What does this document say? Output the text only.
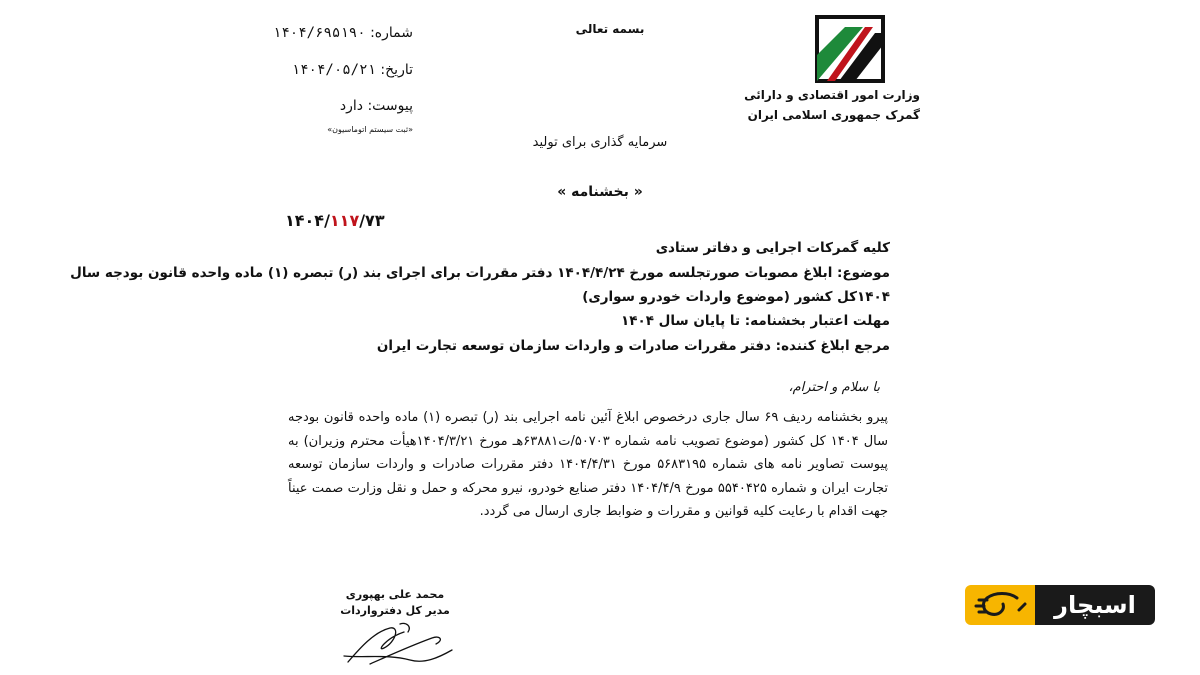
شماره: ۱۴۰۴/۶۹۵۱۹۰
تاریخ: ۱۴۰۴/۰۵/۲۱
پیوست: دارد
«ثبت سیستم اتوماسیون»
بسمه تعالی
سرمایه گذاری برای تولید
وزارت امور اقتصادی و دارائی
گمرک جمهوری اسلامی ایران
« بخشنامه »
۱۴۰۴/۱۱۷/۷۳
کلیه گمرکات اجرایی و دفاتر ستادی
موضوع: ابلاغ مصوبات صورتجلسه مورخ ۱۴۰۴/۴/۲۴ دفتر مقررات برای اجرای بند (ر) تبصره (۱) ماده واحده قانون بودجه سال
۱۴۰۴کل کشور (موضوع واردات خودرو سواری)
مهلت اعتبار بخشنامه: تا پایان سال ۱۴۰۴
مرجع ابلاغ کننده: دفتر مقررات صادرات و واردات سازمان توسعه تجارت ایران
با سلام و احترام،
پیرو بخشنامه ردیف ۶۹ سال جاری درخصوص ابلاغ آئین نامه اجرایی بند (ر) تبصره (۱) ماده واحده قانون بودجه سال ۱۴۰۴ کل کشور (موضوع تصویب نامه شماره ۵۰۷۰۳/ت۶۳۸۸۱هـ مورخ ۱۴۰۴/۳/۲۱هیأت محترم وزیران) به پیوست تصاویر نامه های شماره ۵۶۸۳۱۹۵ مورخ ۱۴۰۴/۴/۳۱ دفتر مقررات صادرات و واردات سازمان توسعه تجارت ایران و شماره ۵۵۴۰۴۲۵ مورخ ۱۴۰۴/۴/۹ دفتر صنایع خودرو، نیرو محرکه و حمل و نقل وزارت صمت عیناً جهت اقدام با رعایت کلیه قوانین و مقررات و ضوابط جاری ارسال می گردد.
محمد علی بهپوری
مدیر کل دفترواردات	اسبچار
